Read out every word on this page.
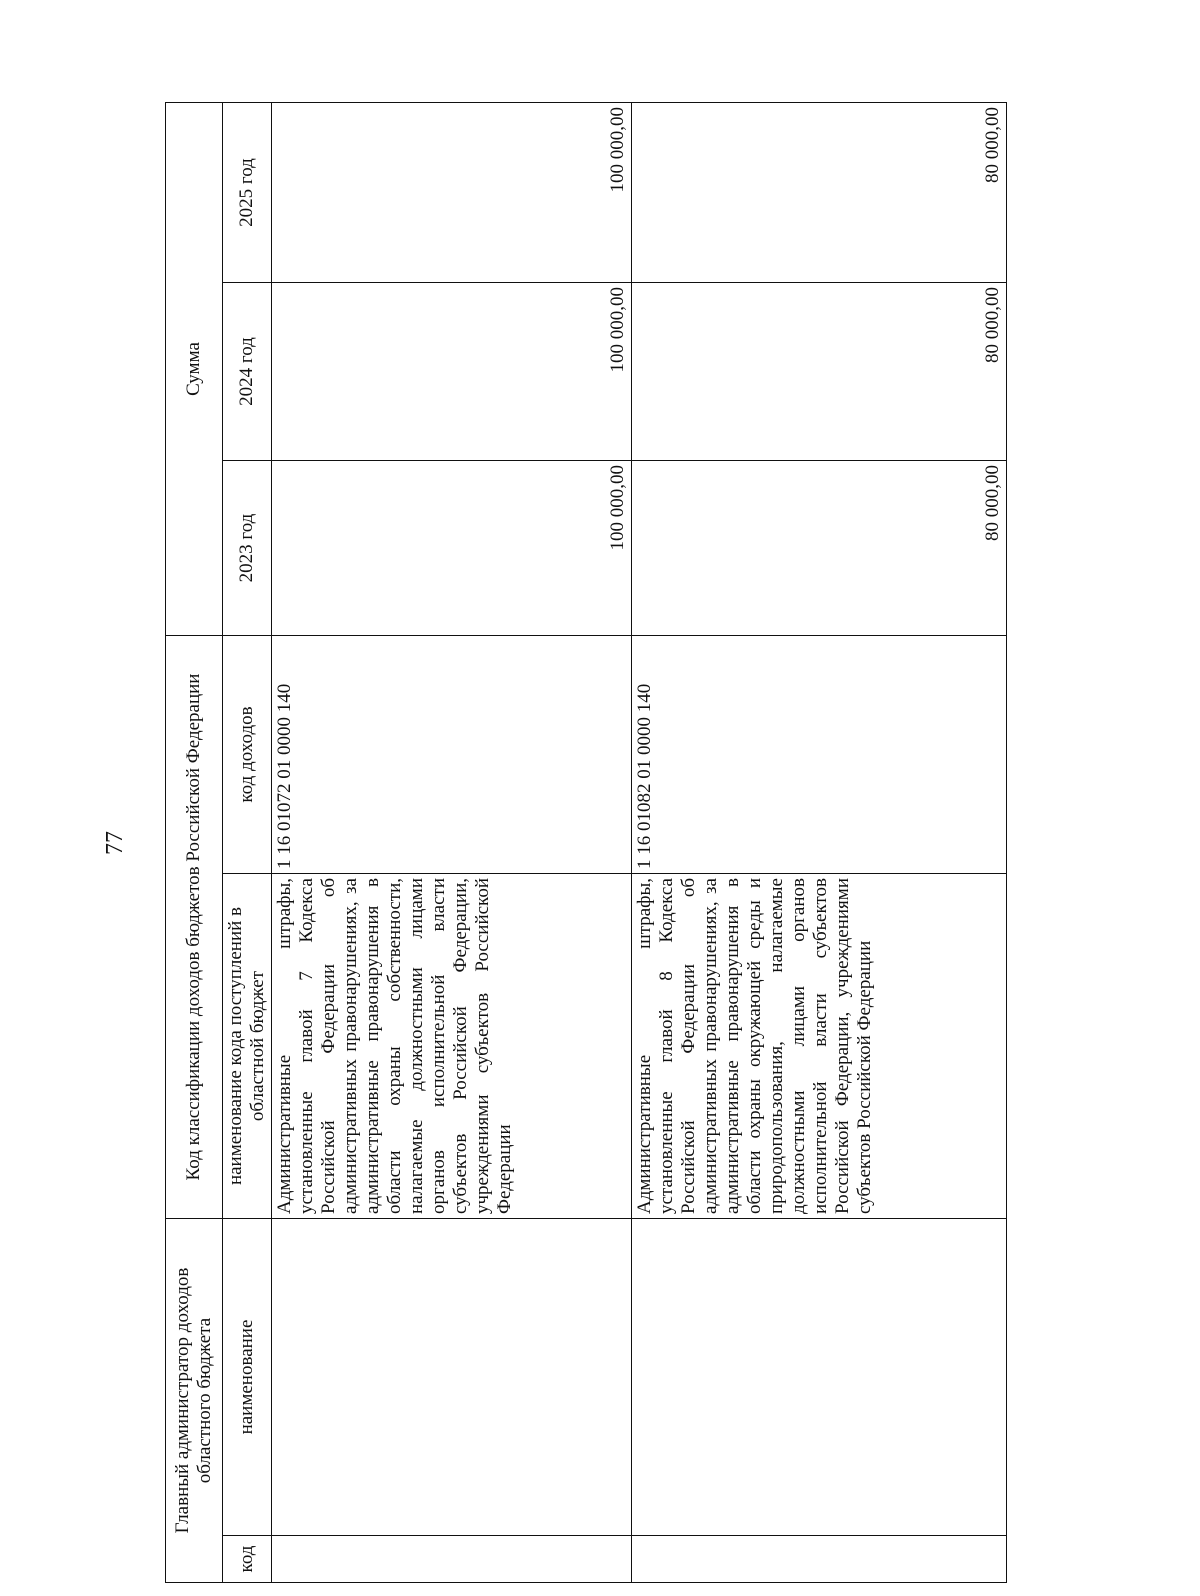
77
Главный администратор доходов областного бюджета		Код классификации доходов бюджетов Российской Федерации		Сумма		
код	наименование	наименование кода поступлений в областной бюджет	код доходов	2023 год	2024 год	2025 год
		Административные штрафы, установленные главой 7 Кодекса Российской Федерации об административных правонарушениях, за административные правонарушения в области охраны собственности, налагаемые должностными лицами органов исполнительной власти субъектов Российской Федерации, учреждениями субъектов Российской Федерации	1 16 01072 01 0000 140	100 000,00	100 000,00	100 000,00
		Административные штрафы, установленные главой 8 Кодекса Российской Федерации об административных правонарушениях, за административные правонарушения в области охраны окружающей среды и природопользования, налагаемые должностными лицами органов исполнительной власти субъектов Российской Федерации, учреждениями субъектов Российской Федерации	1 16 01082 01 0000 140	80 000,00	80 000,00	80 000,00
